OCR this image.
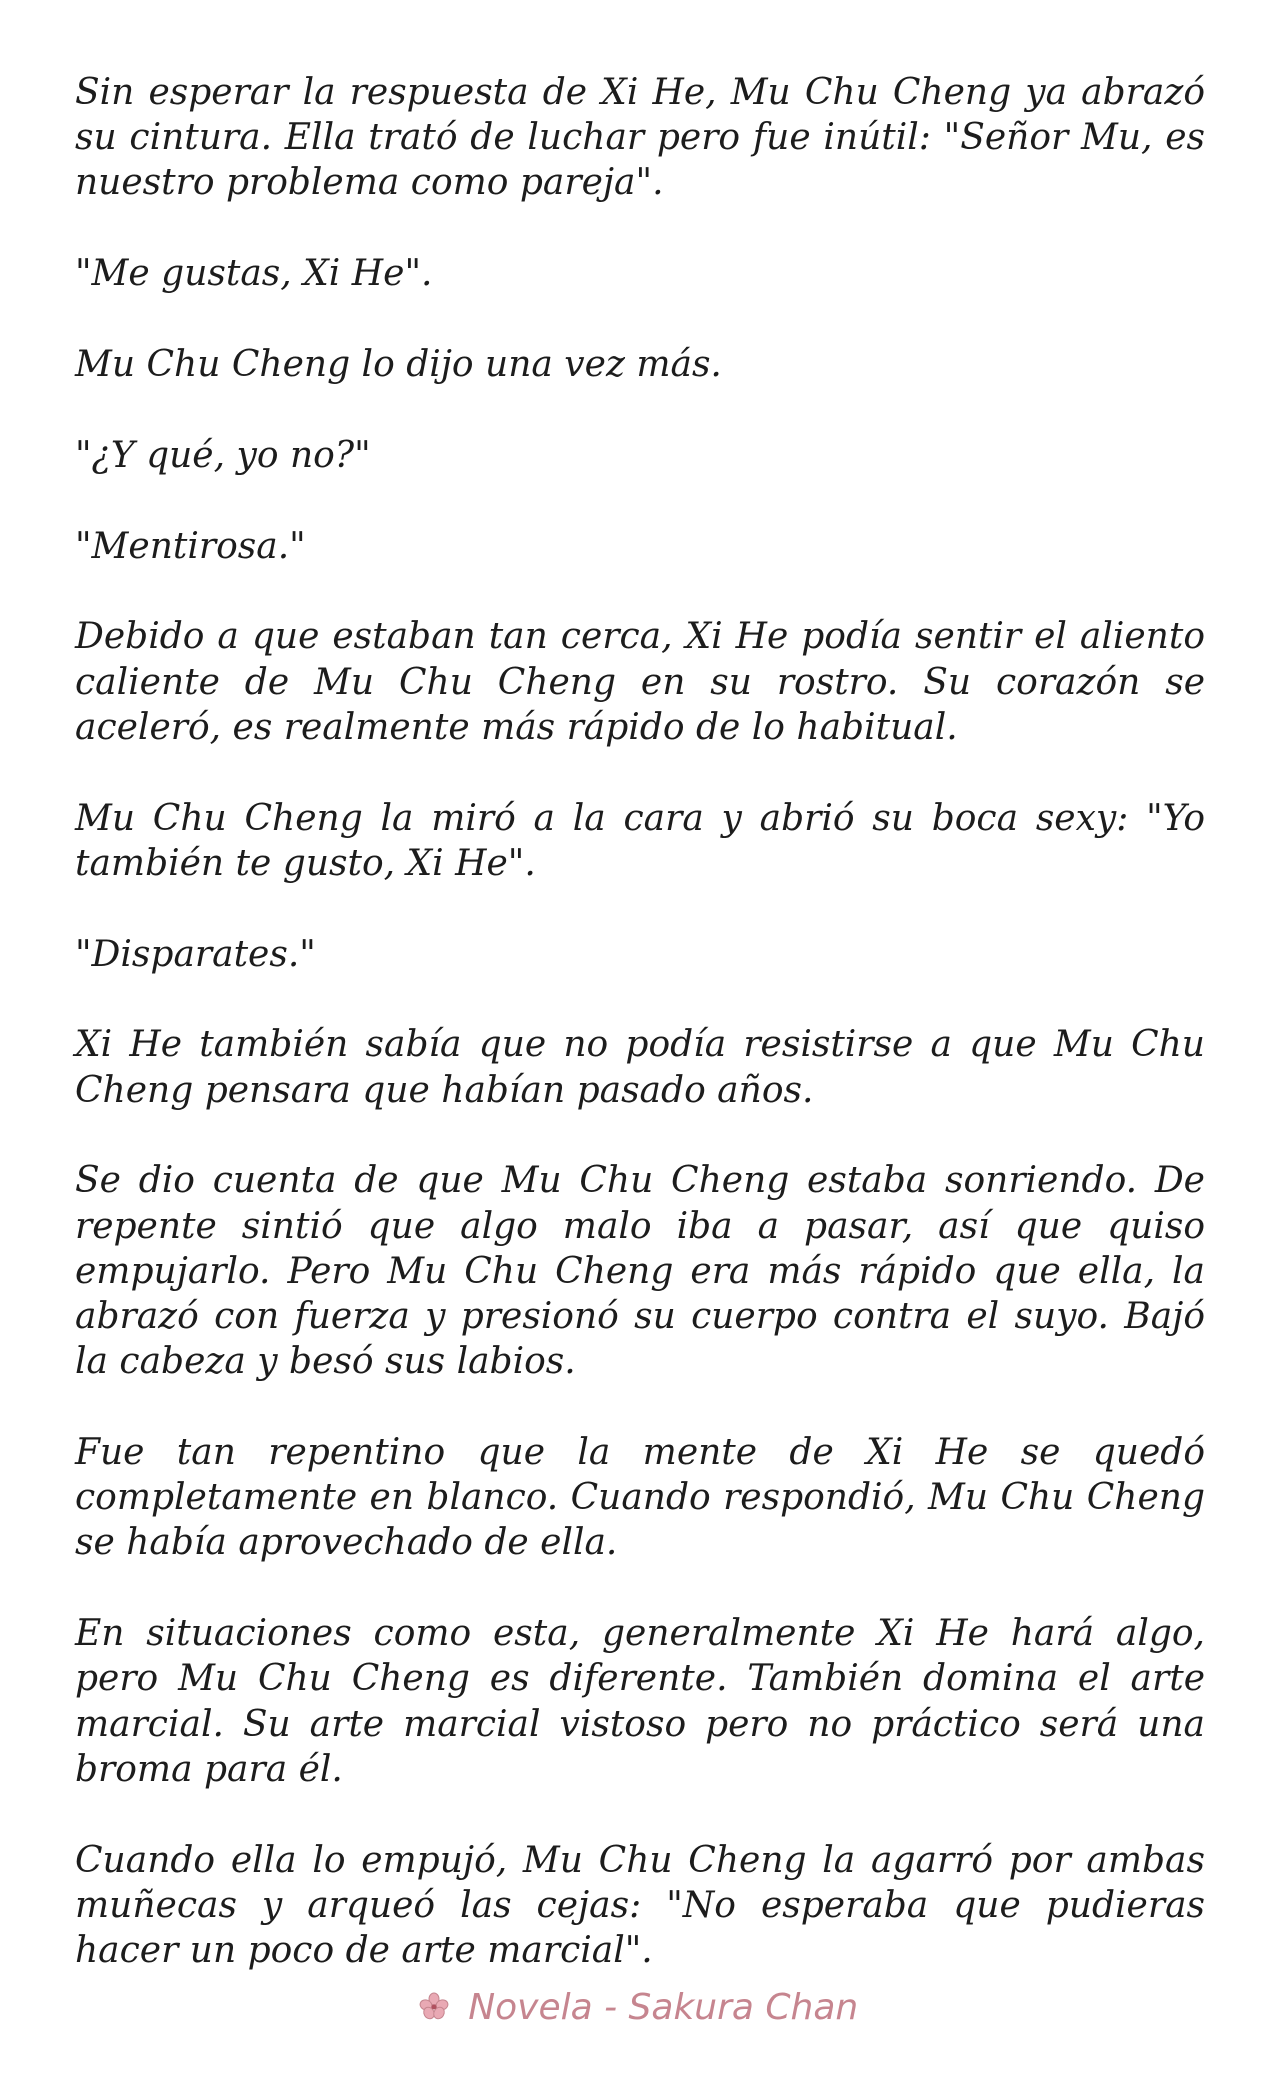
Sin esperar la respuesta de Xi He, Mu Chu Cheng ya abrazó su cintura. Ella trató de luchar pero fue inútil: "Señor Mu, es nuestro problema como pareja".

"Me gustas, Xi He".

Mu Chu Cheng lo dijo una vez más.

"¿Y qué, yo no?"

"Mentirosa."

Debido a que estaban tan cerca, Xi He podía sentir el aliento caliente de Mu Chu Cheng en su rostro. Su corazón se aceleró, es realmente más rápido de lo habitual.

Mu Chu Cheng la miró a la cara y abrió su boca sexy: "Yo también te gusto, Xi He".

"Disparates."

Xi He también sabía que no podía resistirse a que Mu Chu Cheng pensara que habían pasado años.

Se dio cuenta de que Mu Chu Cheng estaba sonriendo. De repente sintió que algo malo iba a pasar, así que quiso empujarlo. Pero Mu Chu Cheng era más rápido que ella, la abrazó con fuerza y presionó su cuerpo contra el suyo. Bajó la cabeza y besó sus labios.

Fue tan repentino que la mente de Xi He se quedó completamente en blanco. Cuando respondió, Mu Chu Cheng se había aprovechado de ella.

En situaciones como esta, generalmente Xi He hará algo, pero Mu Chu Cheng es diferente. También domina el arte marcial. Su arte marcial vistoso pero no práctico será una broma para él.

Cuando ella lo empujó, Mu Chu Cheng la agarró por ambas muñecas y arqueó las cejas: "No esperaba que pudieras hacer un poco de arte marcial".

Novela - Sakura Chan
